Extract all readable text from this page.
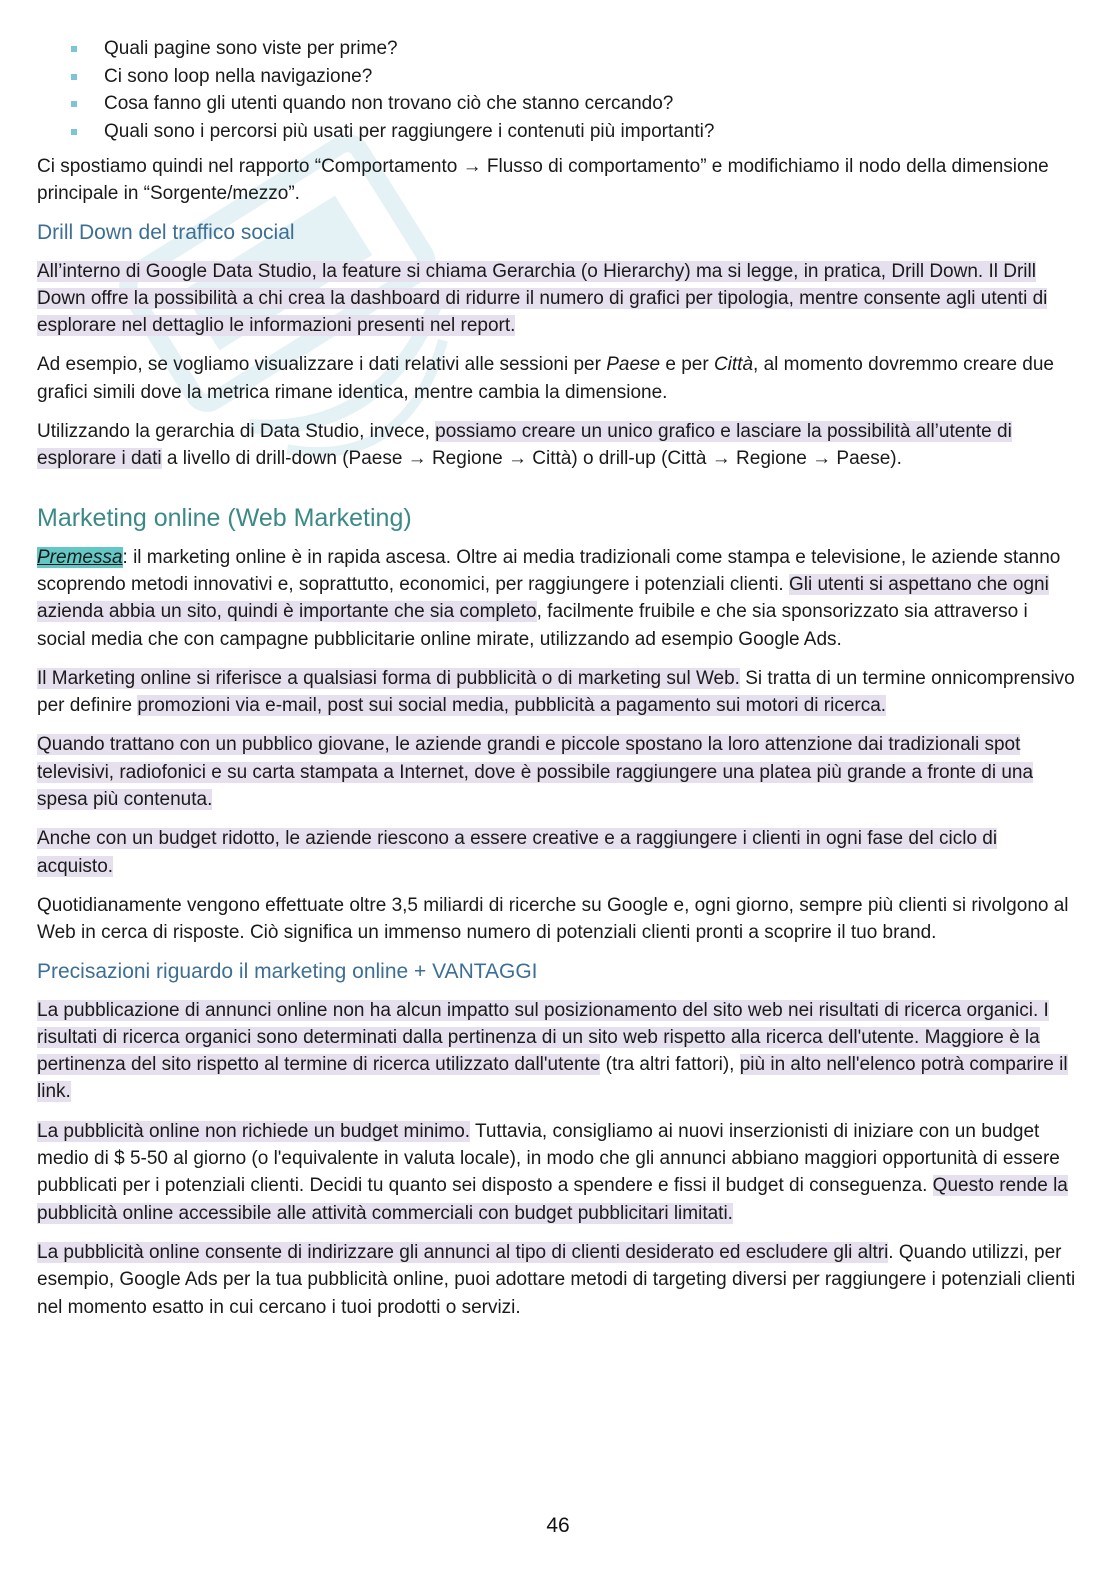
Quali pagine sono viste per prime?
Ci sono loop nella navigazione?
Cosa fanno gli utenti quando non trovano ciò che stanno cercando?
Quali sono i percorsi più usati per raggiungere i contenuti più importanti?

Ci spostiamo quindi nel rapporto “Comportamento → Flusso di comportamento” e modifichiamo il nodo della dimensione principale in “Sorgente/mezzo”.

Drill Down del traffico social

All’interno di Google Data Studio, la feature si chiama Gerarchia (o Hierarchy) ma si legge, in pratica, Drill Down. Il Drill Down offre la possibilità a chi crea la dashboard di ridurre il numero di grafici per tipologia, mentre consente agli utenti di esplorare nel dettaglio le informazioni presenti nel report.

Ad esempio, se vogliamo visualizzare i dati relativi alle sessioni per Paese e per Città, al momento dovremmo creare due grafici simili dove la metrica rimane identica, mentre cambia la dimensione.

Utilizzando la gerarchia di Data Studio, invece, possiamo creare un unico grafico e lasciare la possibilità all’utente di esplorare i dati a livello di drill-down (Paese → Regione → Città) o drill-up (Città → Regione → Paese).

Marketing online (Web Marketing)

Premessa: il marketing online è in rapida ascesa. Oltre ai media tradizionali come stampa e televisione, le aziende stanno scoprendo metodi innovativi e, soprattutto, economici, per raggiungere i potenziali clienti. Gli utenti si aspettano che ogni azienda abbia un sito, quindi è importante che sia completo, facilmente fruibile e che sia sponsorizzato sia attraverso i social media che con campagne pubblicitarie online mirate, utilizzando ad esempio Google Ads.

Il Marketing online si riferisce a qualsiasi forma di pubblicità o di marketing sul Web. Si tratta di un termine onnicomprensivo per definire promozioni via e-mail, post sui social media, pubblicità a pagamento sui motori di ricerca.

Quando trattano con un pubblico giovane, le aziende grandi e piccole spostano la loro attenzione dai tradizionali spot televisivi, radiofonici e su carta stampata a Internet, dove è possibile raggiungere una platea più grande a fronte di una spesa più contenuta.

Anche con un budget ridotto, le aziende riescono a essere creative e a raggiungere i clienti in ogni fase del ciclo di acquisto.

Quotidianamente vengono effettuate oltre 3,5 miliardi di ricerche su Google e, ogni giorno, sempre più clienti si rivolgono al Web in cerca di risposte. Ciò significa un immenso numero di potenziali clienti pronti a scoprire il tuo brand.

Precisazioni riguardo il marketing online + VANTAGGI

La pubblicazione di annunci online non ha alcun impatto sul posizionamento del sito web nei risultati di ricerca organici. I risultati di ricerca organici sono determinati dalla pertinenza di un sito web rispetto alla ricerca dell'utente. Maggiore è la pertinenza del sito rispetto al termine di ricerca utilizzato dall'utente (tra altri fattori), più in alto nell'elenco potrà comparire il link.

La pubblicità online non richiede un budget minimo. Tuttavia, consigliamo ai nuovi inserzionisti di iniziare con un budget medio di $ 5-50 al giorno (o l'equivalente in valuta locale), in modo che gli annunci abbiano maggiori opportunità di essere pubblicati per i potenziali clienti. Decidi tu quanto sei disposto a spendere e fissi il budget di conseguenza. Questo rende la pubblicità online accessibile alle attività commerciali con budget pubblicitari limitati.

La pubblicità online consente di indirizzare gli annunci al tipo di clienti desiderato ed escludere gli altri. Quando utilizzi, per esempio, Google Ads per la tua pubblicità online, puoi adottare metodi di targeting diversi per raggiungere i potenziali clienti nel momento esatto in cui cercano i tuoi prodotti o servizi.

46
